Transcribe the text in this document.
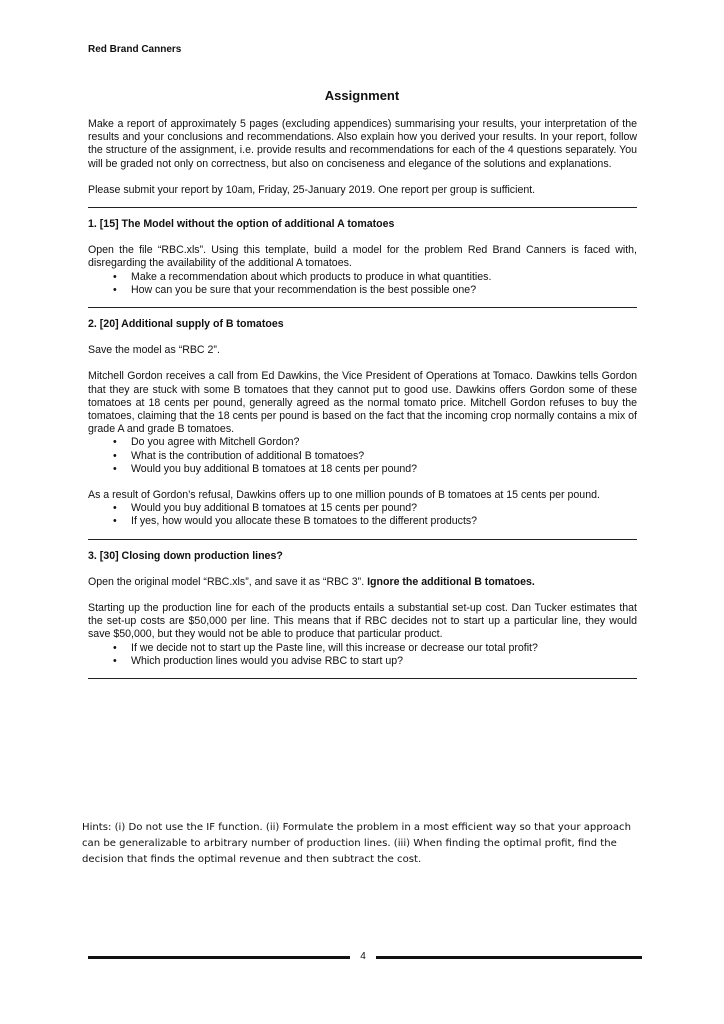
Red Brand Canners
Assignment

Make a report of approximately 5 pages (excluding appendices) summarising your results, your interpretation of the results and your conclusions and recommendations. Also explain how you derived your results. In your report, follow the structure of the assignment, i.e. provide results and recommendations for each of the 4 questions separately. You will be graded not only on correctness, but also on conciseness and elegance of the solutions and explanations.

Please submit your report by 10am, Friday, 25-January 2019. One report per group is sufficient.

1. [15] The Model without the option of additional A tomatoes

Open the file “RBC.xls”. Using this template, build a model for the problem Red Brand Canners is faced with, disregarding the availability of the additional A tomatoes.

• Make a recommendation about which products to produce in what quantities.
• How can you be sure that your recommendation is the best possible one?

2. [20] Additional supply of B tomatoes

Save the model as “RBC 2”.

Mitchell Gordon receives a call from Ed Dawkins, the Vice President of Operations at Tomaco. Dawkins tells Gordon that they are stuck with some B tomatoes that they cannot put to good use. Dawkins offers Gordon some of these tomatoes at 18 cents per pound, generally agreed as the normal tomato price. Mitchell Gordon refuses to buy the tomatoes, claiming that the 18 cents per pound is based on the fact that the incoming crop normally contains a mix of grade A and grade B tomatoes.

• Do you agree with Mitchell Gordon?
• What is the contribution of additional B tomatoes?
• Would you buy additional B tomatoes at 18 cents per pound?

As a result of Gordon’s refusal, Dawkins offers up to one million pounds of B tomatoes at 15 cents per pound.

• Would you buy additional B tomatoes at 15 cents per pound?
• If yes, how would you allocate these B tomatoes to the different products?

3. [30] Closing down production lines?

Open the original model “RBC.xls”, and save it as “RBC 3”. Ignore the additional B tomatoes.

Starting up the production line for each of the products entails a substantial set-up cost. Dan Tucker estimates that the set-up costs are $50,000 per line. This means that if RBC decides not to start up a particular line, they would save $50,000, but they would not be able to produce that particular product.

• If we decide not to start up the Paste line, will this increase or decrease our total profit?
• Which production lines would you advise RBC to start up?
Hints: (i) Do not use the IF function. (ii) Formulate the problem in a most efficient way so that your approach can be generalizable to arbitrary number of production lines. (iii) When finding the optimal profit, find the decision that finds the optimal revenue and then subtract the cost.
4
